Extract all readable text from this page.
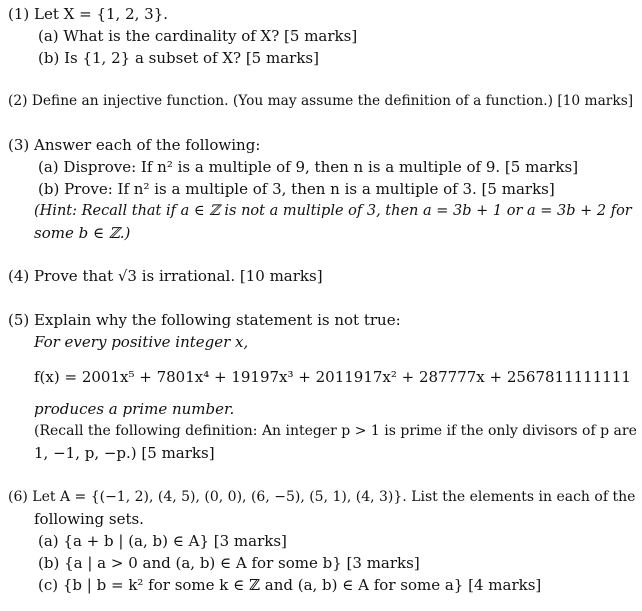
(1) Let X = {1, 2, 3}.
(a) What is the cardinality of X? [5 marks]
(b) Is {1, 2} a subset of X? [5 marks]
(2) Define an injective function. (You may assume the definition of a function.) [10 marks]
(3) Answer each of the following:
(a) Disprove: If n² is a multiple of 9, then n is a multiple of 9. [5 marks]
(b) Prove: If n² is a multiple of 3, then n is a multiple of 3. [5 marks]
(Hint: Recall that if a ∈ ℤ is not a multiple of 3, then a = 3b + 1 or a = 3b + 2 for
some b ∈ ℤ.)
(4) Prove that √3 is irrational. [10 marks]
(5) Explain why the following statement is not true:
For every positive integer x,
f(x) = 2001x⁵ + 7801x⁴ + 19197x³ + 2011917x² + 287777x + 2567811111111
produces a prime number.
(Recall the following definition: An integer p > 1 is prime if the only divisors of p are
1, −1, p, −p.) [5 marks]
(6) Let A = {(−1, 2), (4, 5), (0, 0), (6, −5), (5, 1), (4, 3)}. List the elements in each of the
following sets.
(a) {a + b | (a, b) ∈ A} [3 marks]
(b) {a | a > 0 and (a, b) ∈ A for some b} [3 marks]
(c) {b | b = k² for some k ∈ ℤ and (a, b) ∈ A for some a} [4 marks]
